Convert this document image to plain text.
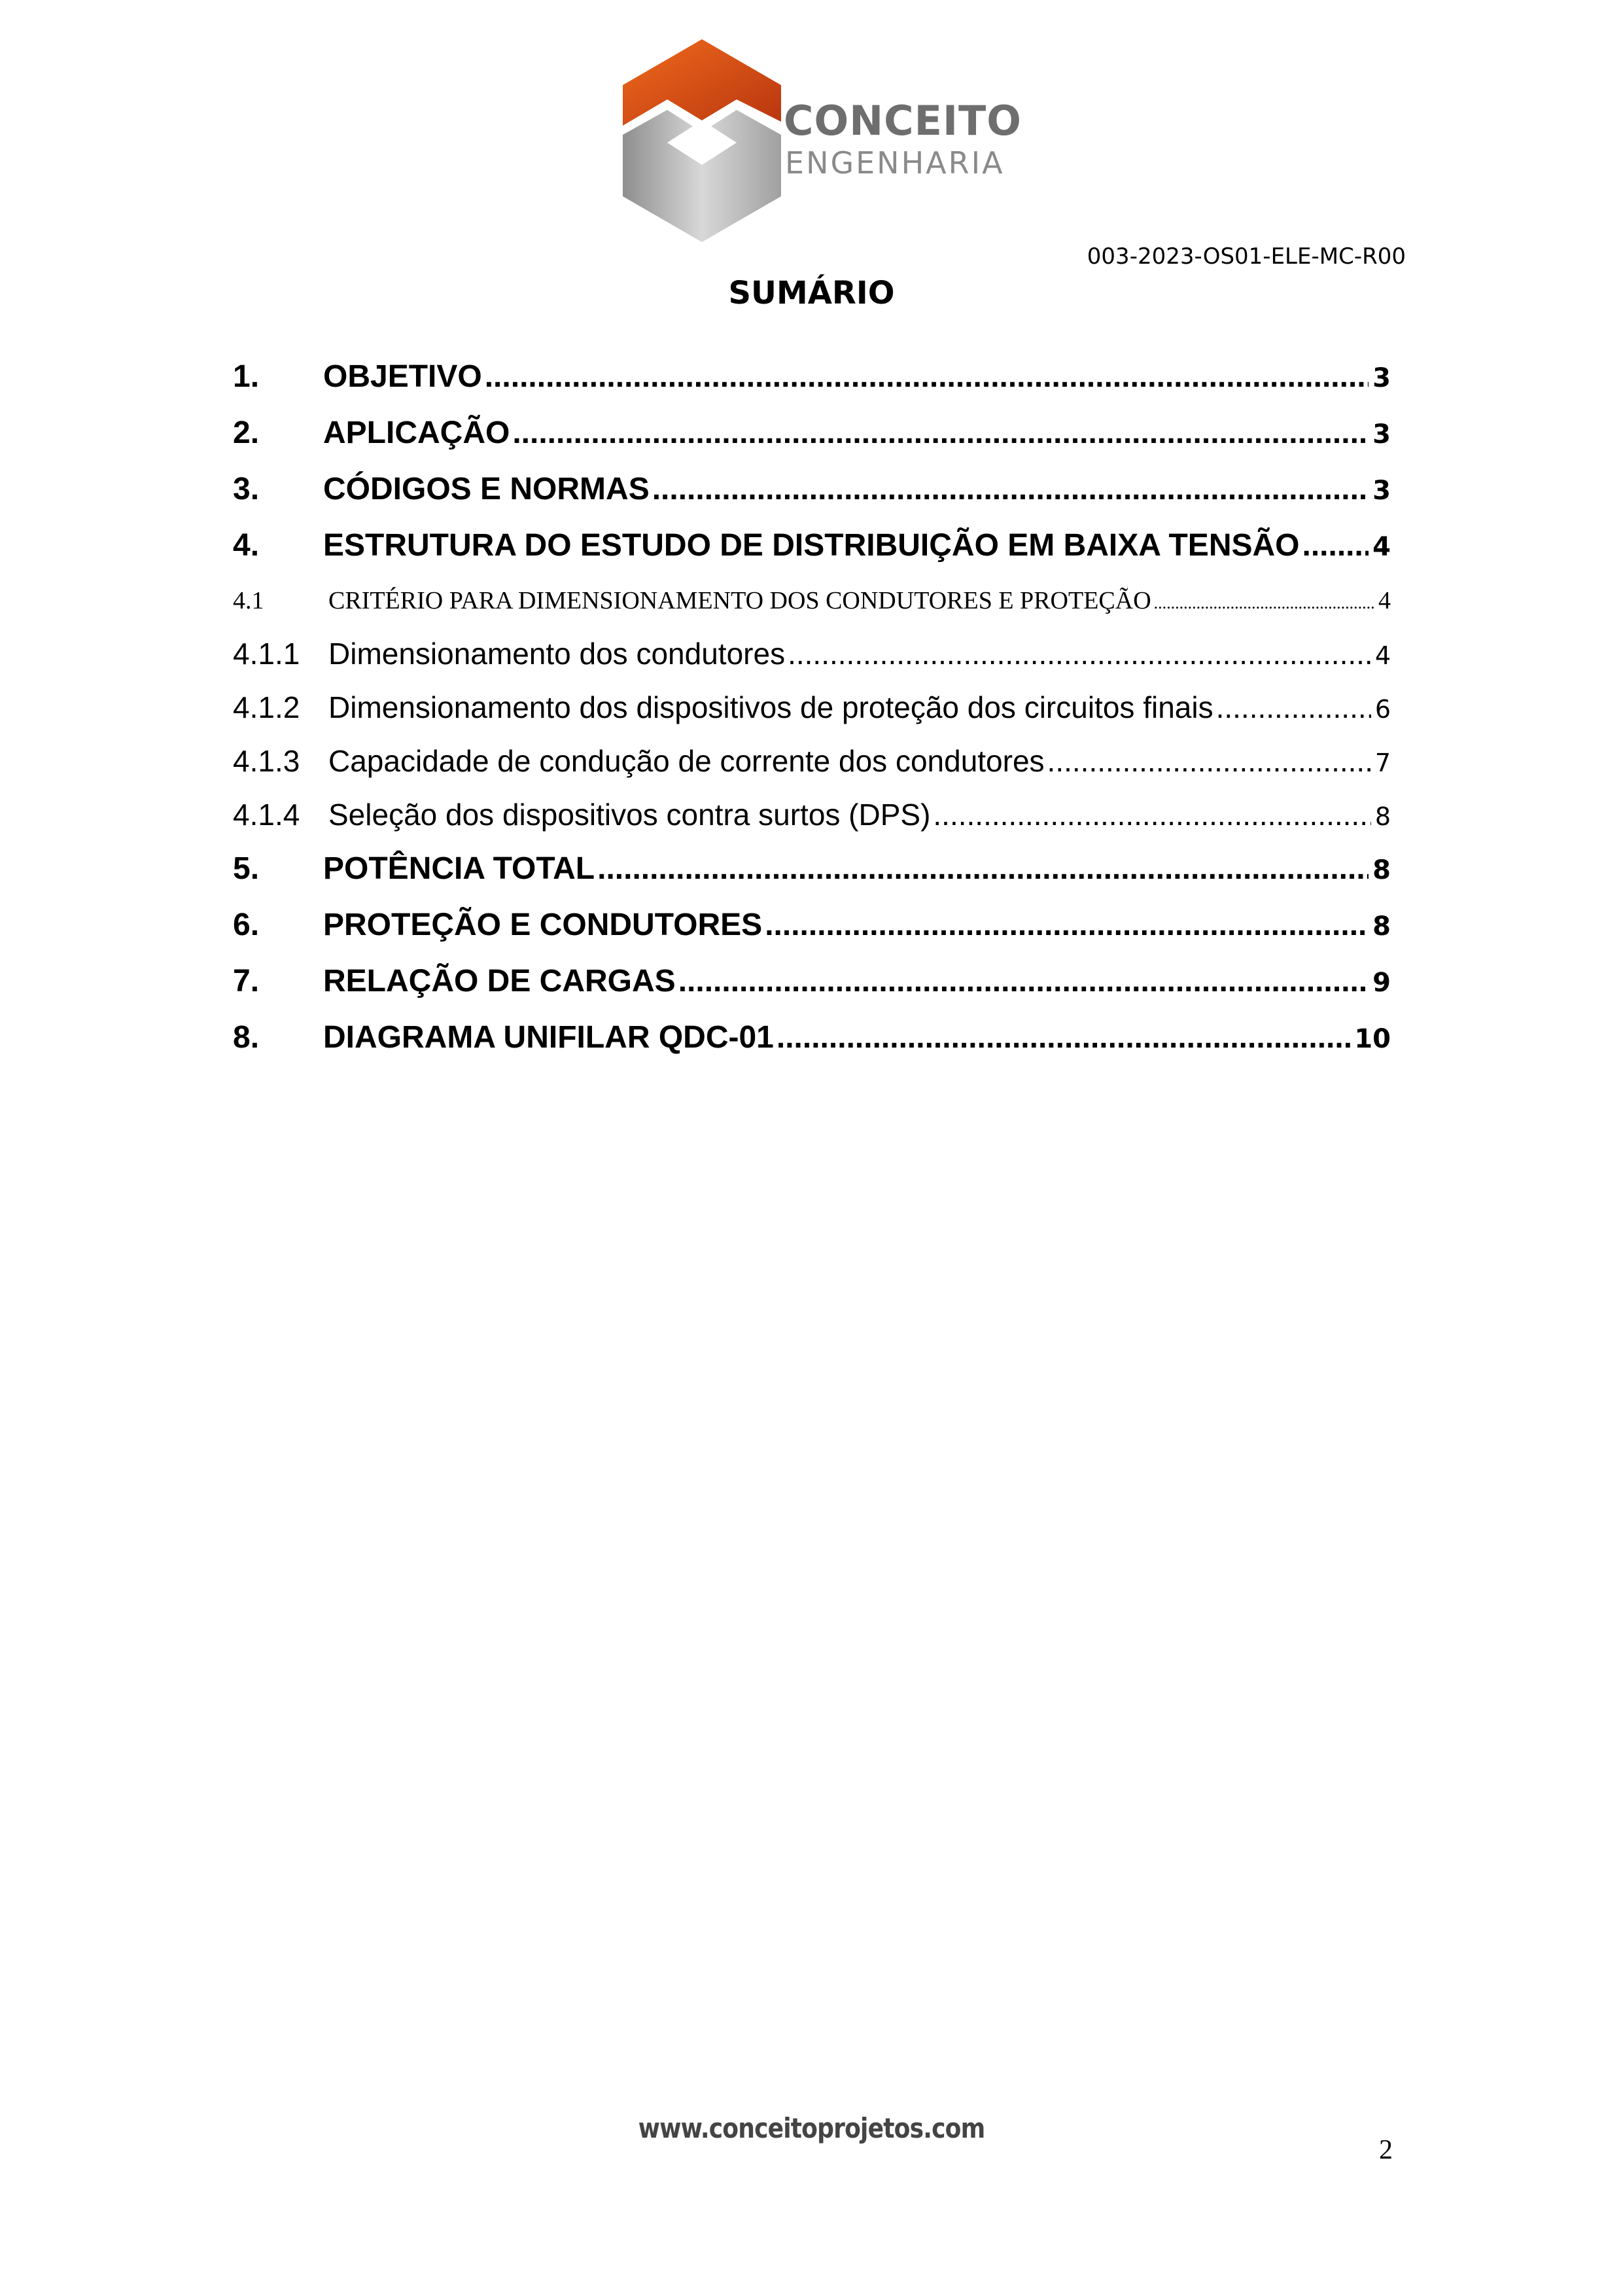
CONCEITO
ENGENHARIA
003-2023-OS01-ELE-MC-R00
SUMÁRIO
1.	OBJETIVO .....	3
2.	APLICAÇÃO .....	3
3.	CÓDIGOS E NORMAS .....	3
4.	ESTRUTURA DO ESTUDO DE DISTRIBUIÇÃO EM BAIXA TENSÃO .....	4
4.1	CRITÉRIO PARA DIMENSIONAMENTO DOS CONDUTORES E PROTEÇÃO .....	4
4.1.1 Dimensionamento dos condutores .....	4
4.1.2 Dimensionamento dos dispositivos de proteção dos circuitos finais .....	6
4.1.3 Capacidade de condução de corrente dos condutores .....	7
4.1.4 Seleção dos dispositivos contra surtos (DPS) .....	8
5.	POTÊNCIA TOTAL .....	8
6.	PROTEÇÃO E CONDUTORES .....	8
7.	RELAÇÃO DE CARGAS .....	9
8.	DIAGRAMA UNIFILAR QDC-01 .....	10
www.conceitoprojetos.com
2
